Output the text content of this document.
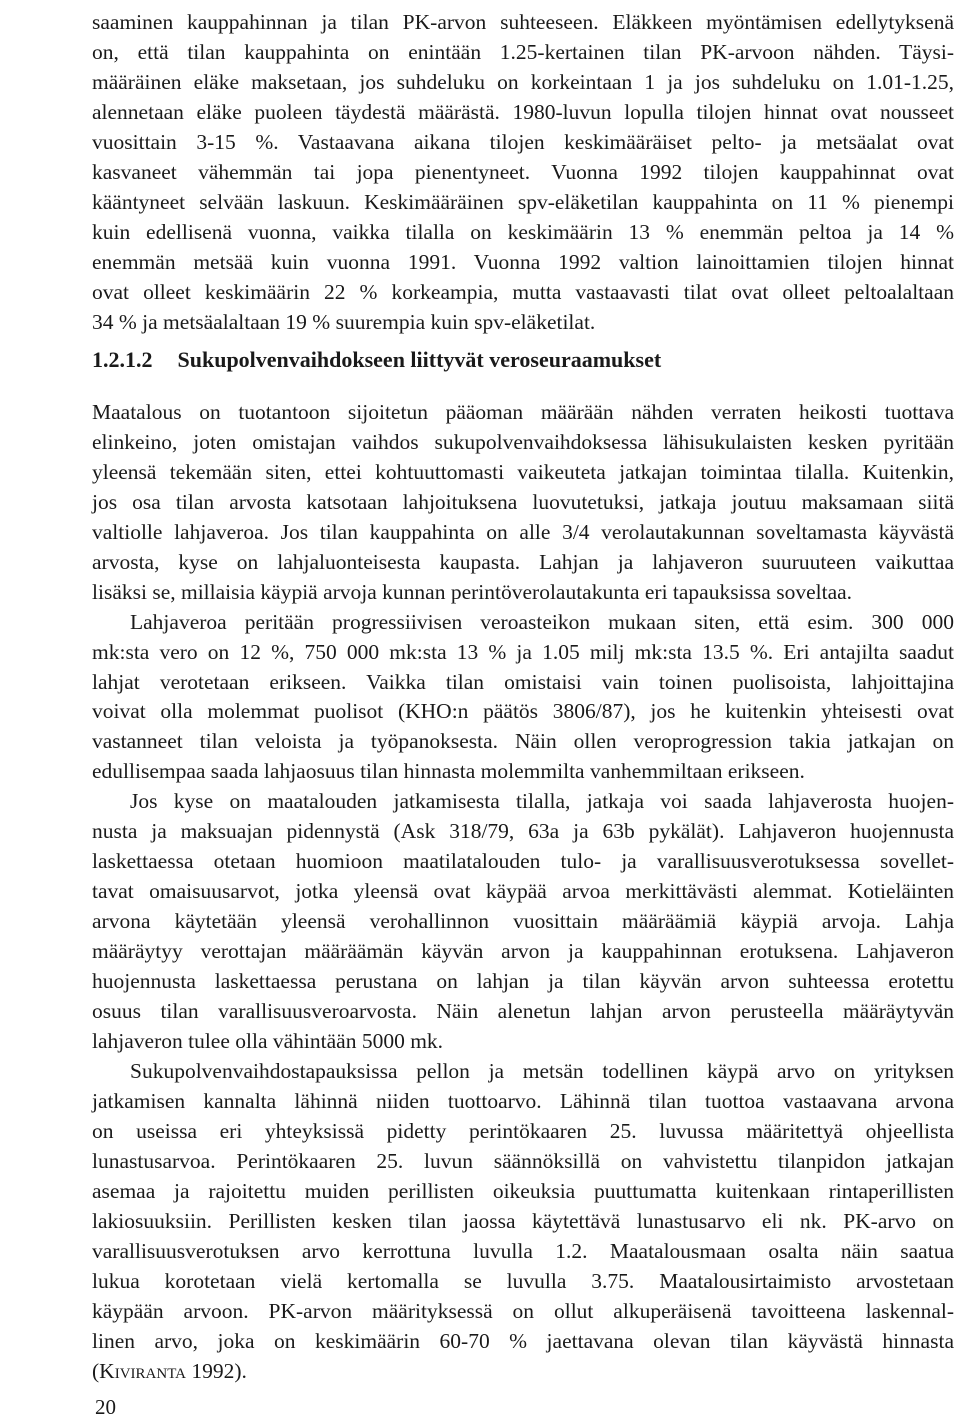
saaminen kauppahinnan ja tilan PK-arvon suhteeseen. Eläkkeen myöntämisen edellytyksenä

on, että tilan kauppahinta on enintään 1.25-kertainen tilan PK-arvoon nähden. Täysi-

määräinen eläke maksetaan, jos suhdeluku on korkeintaan 1 ja jos suhdeluku on 1.01-1.25,

alennetaan eläke puoleen täydestä määrästä. 1980-luvun lopulla tilojen hinnat ovat nousseet

vuosittain 3-15 %. Vastaavana aikana tilojen keskimääräiset pelto- ja metsäalat ovat

kasvaneet vähemmän tai jopa pienentyneet. Vuonna 1992 tilojen kauppahinnat ovat

kääntyneet selvään laskuun. Keskimääräinen spv-eläketilan kauppahinta on 11 % pienempi

kuin edellisenä vuonna, vaikka tilalla on keskimäärin 13 % enemmän peltoa ja 14 %

enemmän metsää kuin vuonna 1991. Vuonna 1992 valtion lainoittamien tilojen hinnat

ovat olleet keskimäärin 22 % korkeampia, mutta vastaavasti tilat ovat olleet peltoalaltaan

34 % ja metsäalaltaan 19 % suurempia kuin spv-eläketilat.

1.2.1.2 Sukupolvenvaihdokseen liittyvät veroseuraamukset

Maatalous on tuotantoon sijoitetun pääoman määrään nähden verraten heikosti tuottava

elinkeino, joten omistajan vaihdos sukupolvenvaihdoksessa lähisukulaisten kesken pyritään

yleensä tekemään siten, ettei kohtuuttomasti vaikeuteta jatkajan toimintaa tilalla. Kuitenkin,

jos osa tilan arvosta katsotaan lahjoituksena luovutetuksi, jatkaja joutuu maksamaan siitä

valtiolle lahjaveroa. Jos tilan kauppahinta on alle 3/4 verolautakunnan soveltamasta käyvästä

arvosta, kyse on lahjaluonteisesta kaupasta. Lahjan ja lahjaveron suuruuteen vaikuttaa

lisäksi se, millaisia käypiä arvoja kunnan perintöverolautakunta eri tapauksissa soveltaa.

Lahjaveroa peritään progressiivisen veroasteikon mukaan siten, että esim. 300 000

mk:sta vero on 12 %, 750 000 mk:sta 13 % ja 1.05 milj mk:sta 13.5 %. Eri antajilta saadut

lahjat verotetaan erikseen. Vaikka tilan omistaisi vain toinen puolisoista, lahjoittajina

voivat olla molemmat puolisot (KHO:n päätös 3806/87), jos he kuitenkin yhteisesti ovat

vastanneet tilan veloista ja työpanoksesta. Näin ollen veroprogression takia jatkajan on

edullisempaa saada lahjaosuus tilan hinnasta molemmilta vanhemmiltaan erikseen.

Jos kyse on maatalouden jatkamisesta tilalla, jatkaja voi saada lahjaverosta huojen-

nusta ja maksuajan pidennystä (Ask 318/79, 63a ja 63b pykälät). Lahjaveron huojennusta

laskettaessa otetaan huomioon maatilatalouden tulo- ja varallisuusverotuksessa sovellet-

tavat omaisuusarvot, jotka yleensä ovat käypää arvoa merkittävästi alemmat. Kotieläinten

arvona käytetään yleensä verohallinnon vuosittain määräämiä käypiä arvoja. Lahja

määräytyy verottajan määräämän käyvän arvon ja kauppahinnan erotuksena. Lahjaveron

huojennusta laskettaessa perustana on lahjan ja tilan käyvän arvon suhteessa erotettu

osuus tilan varallisuusveroarvosta. Näin alenetun lahjan arvon perusteella määräytyvän

lahjaveron tulee olla vähintään 5000 mk.

Sukupolvenvaihdostapauksissa pellon ja metsän todellinen käypä arvo on yrityksen

jatkamisen kannalta lähinnä niiden tuottoarvo. Lähinnä tilan tuottoa vastaavana arvona

on useissa eri yhteyksissä pidetty perintökaaren 25. luvussa määritettyä ohjeellista

lunastusarvoa. Perintökaaren 25. luvun säännöksillä on vahvistettu tilanpidon jatkajan

asemaa ja rajoitettu muiden perillisten oikeuksia puuttumatta kuitenkaan rintaperillisten

lakiosuuksiin. Perillisten kesken tilan jaossa käytettävä lunastusarvo eli nk. PK-arvo on

varallisuusverotuksen arvo kerrottuna luvulla 1.2. Maatalousmaan osalta näin saatua

lukua korotetaan vielä kertomalla se luvulla 3.75. Maatalousirtaimisto arvostetaan

käypään arvoon. PK-arvon määrityksessä on ollut alkuperäisenä tavoitteena laskennal-

linen arvo, joka on keskimäärin 60-70 % jaettavana olevan tilan käyvästä hinnasta

(Kiviranta 1992).

20
